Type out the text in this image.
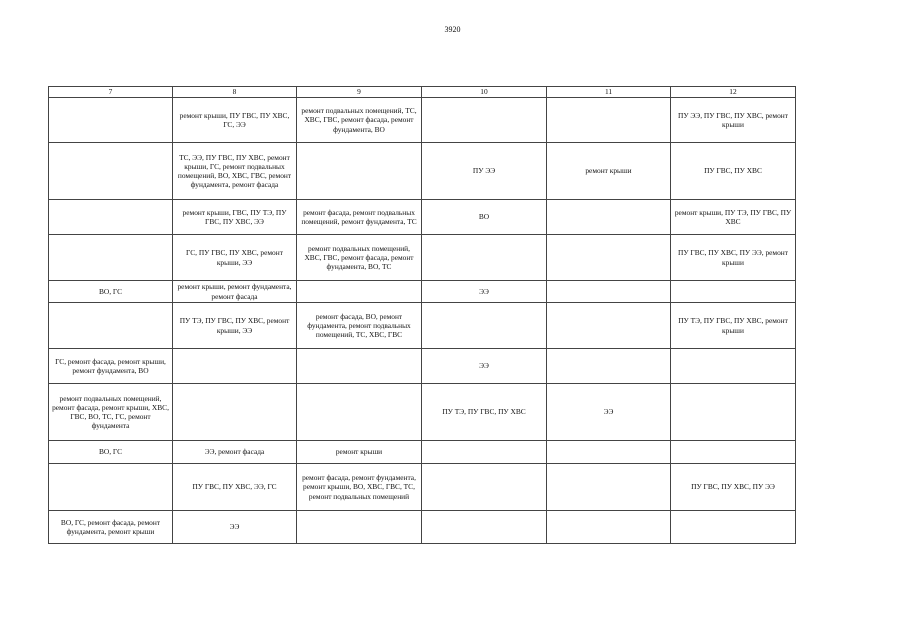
3920
7	8	9	10	11	12
	ремонт крыши, ПУ ГВС, ПУ ХВС, ГС, ЭЭ	ремонт подвальных помещений, ТС, ХВС, ГВС, ремонт фасада, ремонт фундамента, ВО			ПУ ЭЭ, ПУ ГВС, ПУ ХВС, ремонт крыши
	ТС, ЭЭ, ПУ ГВС, ПУ ХВС, ремонт крыши, ГС, ремонт подвальных помещений, ВО, ХВС, ГВС, ремонт фундамента, ремонт фасада		ПУ ЭЭ	ремонт крыши	ПУ ГВС, ПУ ХВС
	ремонт крыши, ГВС, ПУ ТЭ, ПУ ГВС, ПУ ХВС, ЭЭ	ремонт фасада, ремонт подвальных помещений, ремонт фундамента, ТС	ВО		ремонт крыши, ПУ ТЭ, ПУ ГВС, ПУ ХВС
	ГС, ПУ ГВС, ПУ ХВС, ремонт крыши, ЭЭ	ремонт подвальных помещений, ХВС, ГВС, ремонт фасада, ремонт фундамента, ВО, ТС			ПУ ГВС, ПУ ХВС, ПУ ЭЭ, ремонт крыши
ВО, ГС	ремонт крыши, ремонт фундамента, ремонт фасада		ЭЭ		
	ПУ ТЭ, ПУ ГВС, ПУ ХВС, ремонт крыши, ЭЭ	ремонт фасада, ВО, ремонт фундамента, ремонт подвальных помещений, ТС, ХВС, ГВС			ПУ ТЭ, ПУ ГВС, ПУ ХВС, ремонт крыши
ГС, ремонт фасада, ремонт крыши, ремонт фундамента, ВО			ЭЭ		
ремонт подвальных помещений, ремонт фасада, ремонт крыши, ХВС, ГВС, ВО, ТС, ГС, ремонт фундамента			ПУ ТЭ, ПУ ГВС, ПУ ХВС	ЭЭ	
ВО, ГС	ЭЭ, ремонт фасада	ремонт крыши			
	ПУ ГВС, ПУ ХВС, ЭЭ, ГС	ремонт фасада, ремонт фундамента, ремонт крыши, ВО, ХВС, ГВС, ТС, ремонт подвальных помещений			ПУ ГВС, ПУ ХВС, ПУ ЭЭ
ВО, ГС, ремонт фасада, ремонт фундамента, ремонт крыши	ЭЭ				
